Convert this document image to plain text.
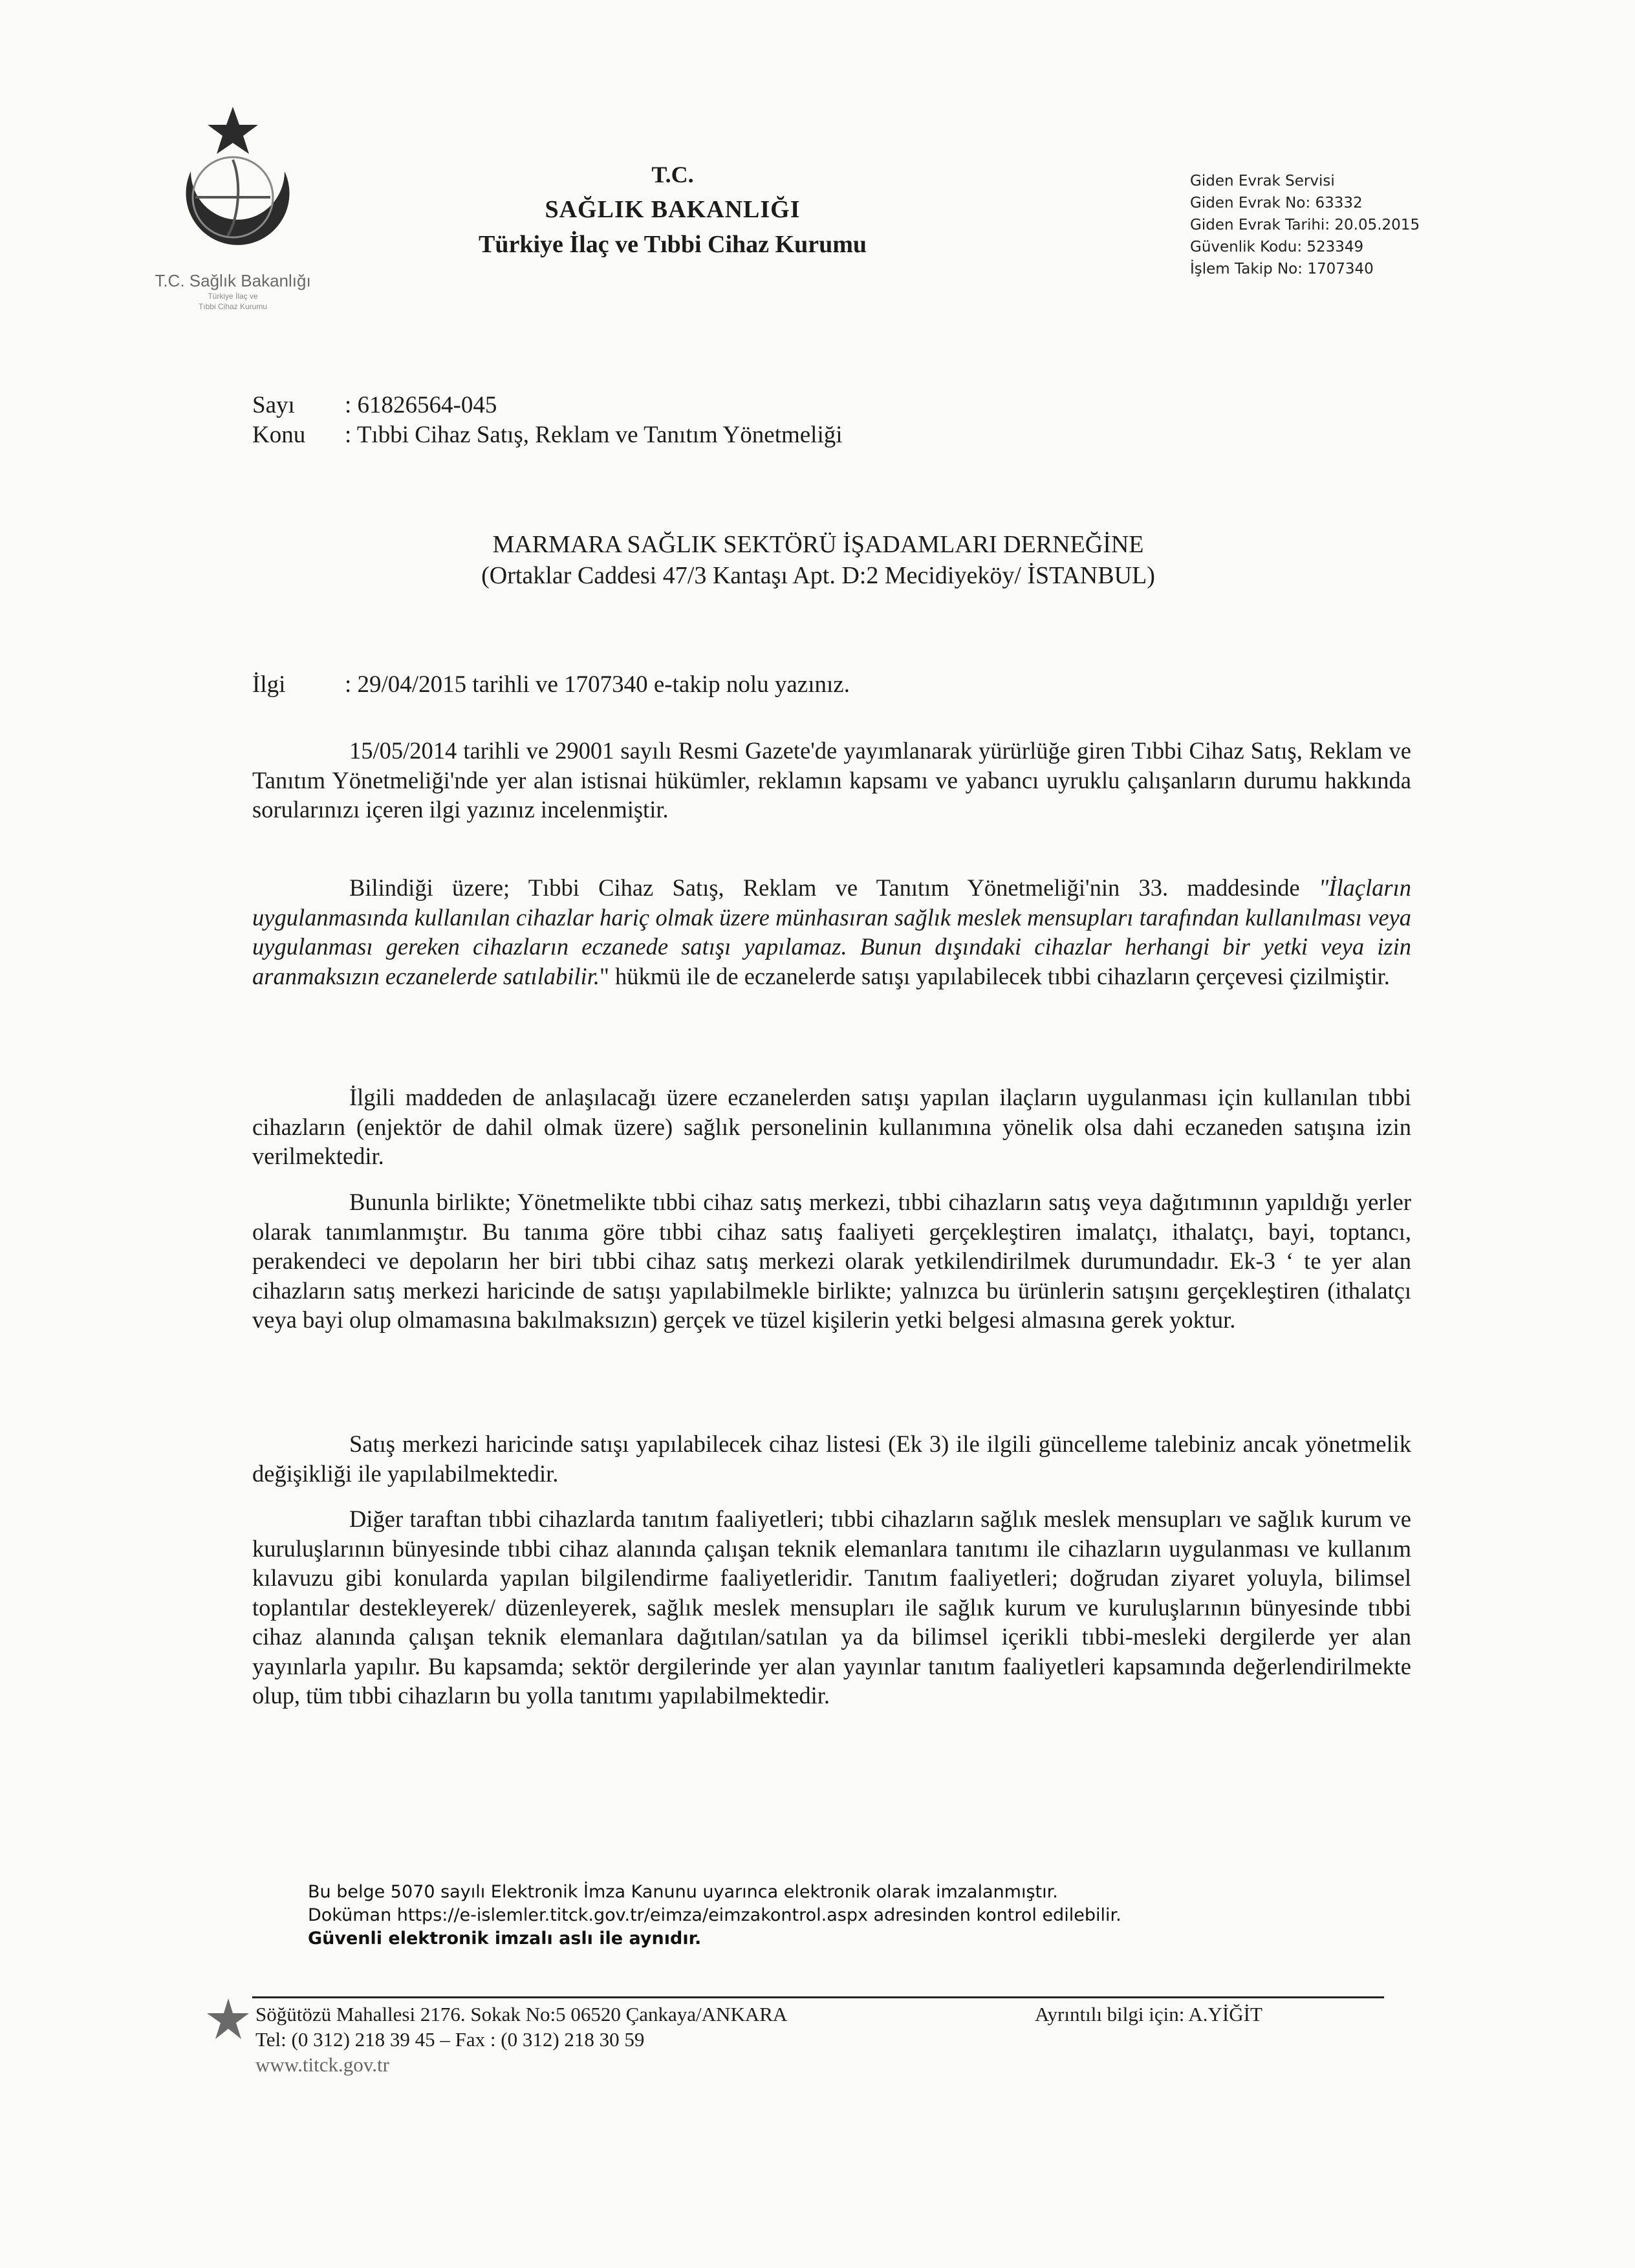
T.C. Sağlık Bakanlığı
Türkiye İlaç ve
Tıbbi Cihaz Kurumu
T.C.
SAĞLIK BAKANLIĞI
Türkiye İlaç ve Tıbbi Cihaz Kurumu
Giden Evrak Servisi
Giden Evrak No: 63332
Giden Evrak Tarihi: 20.05.2015
Güvenlik Kodu: 523349
İşlem Takip No: 1707340
Sayı : 61826564-045
Konu : Tıbbi Cihaz Satış, Reklam ve Tanıtım Yönetmeliği
MARMARA SAĞLIK SEKTÖRÜ İŞADAMLARI DERNEĞİNE
(Ortaklar Caddesi 47/3 Kantaşı Apt. D:2 Mecidiyeköy/ İSTANBUL)
İlgi : 29/04/2015 tarihli ve 1707340 e-takip nolu yazınız.
15/05/2014 tarihli ve 29001 sayılı Resmi Gazete'de yayımlanarak yürürlüğe giren Tıbbi Cihaz Satış, Reklam ve Tanıtım Yönetmeliği'nde yer alan istisnai hükümler, reklamın kapsamı ve yabancı uyruklu çalışanların durumu hakkında sorularınızı içeren ilgi yazınız incelenmiştir.
Bilindiği üzere; Tıbbi Cihaz Satış, Reklam ve Tanıtım Yönetmeliği'nin 33. maddesinde "İlaçların uygulanmasında kullanılan cihazlar hariç olmak üzere münhasıran sağlık meslek mensupları tarafından kullanılması veya uygulanması gereken cihazların eczanede satışı yapılamaz. Bunun dışındaki cihazlar herhangi bir yetki veya izin aranmaksızın eczanelerde satılabilir." hükmü ile de eczanelerde satışı yapılabilecek tıbbi cihazların çerçevesi çizilmiştir.
İlgili maddeden de anlaşılacağı üzere eczanelerden satışı yapılan ilaçların uygulanması için kullanılan tıbbi cihazların (enjektör de dahil olmak üzere) sağlık personelinin kullanımına yönelik olsa dahi eczaneden satışına izin verilmektedir.
Bununla birlikte; Yönetmelikte tıbbi cihaz satış merkezi, tıbbi cihazların satış veya dağıtımının yapıldığı yerler olarak tanımlanmıştır. Bu tanıma göre tıbbi cihaz satış faaliyeti gerçekleştiren imalatçı, ithalatçı, bayi, toptancı, perakendeci ve depoların her biri tıbbi cihaz satış merkezi olarak yetkilendirilmek durumundadır. Ek-3 ‘ te yer alan cihazların satış merkezi haricinde de satışı yapılabilmekle birlikte; yalnızca bu ürünlerin satışını gerçekleştiren (ithalatçı veya bayi olup olmamasına bakılmaksızın) gerçek ve tüzel kişilerin yetki belgesi almasına gerek yoktur.
Satış merkezi haricinde satışı yapılabilecek cihaz listesi (Ek 3) ile ilgili güncelleme talebiniz ancak yönetmelik değişikliği ile yapılabilmektedir.
Diğer taraftan tıbbi cihazlarda tanıtım faaliyetleri; tıbbi cihazların sağlık meslek mensupları ve sağlık kurum ve kuruluşlarının bünyesinde tıbbi cihaz alanında çalışan teknik elemanlara tanıtımı ile cihazların uygulanması ve kullanım kılavuzu gibi konularda yapılan bilgilendirme faaliyetleridir. Tanıtım faaliyetleri; doğrudan ziyaret yoluyla, bilimsel toplantılar destekleyerek/ düzenleyerek, sağlık meslek mensupları ile sağlık kurum ve kuruluşlarının bünyesinde tıbbi cihaz alanında çalışan teknik elemanlara dağıtılan/satılan ya da bilimsel içerikli tıbbi-mesleki dergilerde yer alan yayınlarla yapılır. Bu kapsamda; sektör dergilerinde yer alan yayınlar tanıtım faaliyetleri kapsamında değerlendirilmekte olup, tüm tıbbi cihazların bu yolla tanıtımı yapılabilmektedir.
Bu belge 5070 sayılı Elektronik İmza Kanunu uyarınca elektronik olarak imzalanmıştır.
Doküman https://e-islemler.titck.gov.tr/eimza/eimzakontrol.aspx adresinden kontrol edilebilir.
Güvenli elektronik imzalı aslı ile aynıdır.
Söğütözü Mahallesi 2176. Sokak No:5 06520 Çankaya/ANKARA
Tel: (0 312) 218 39 45 – Fax : (0 312) 218 30 59
www.titck.gov.tr
Ayrıntılı bilgi için: A.YİĞİT
